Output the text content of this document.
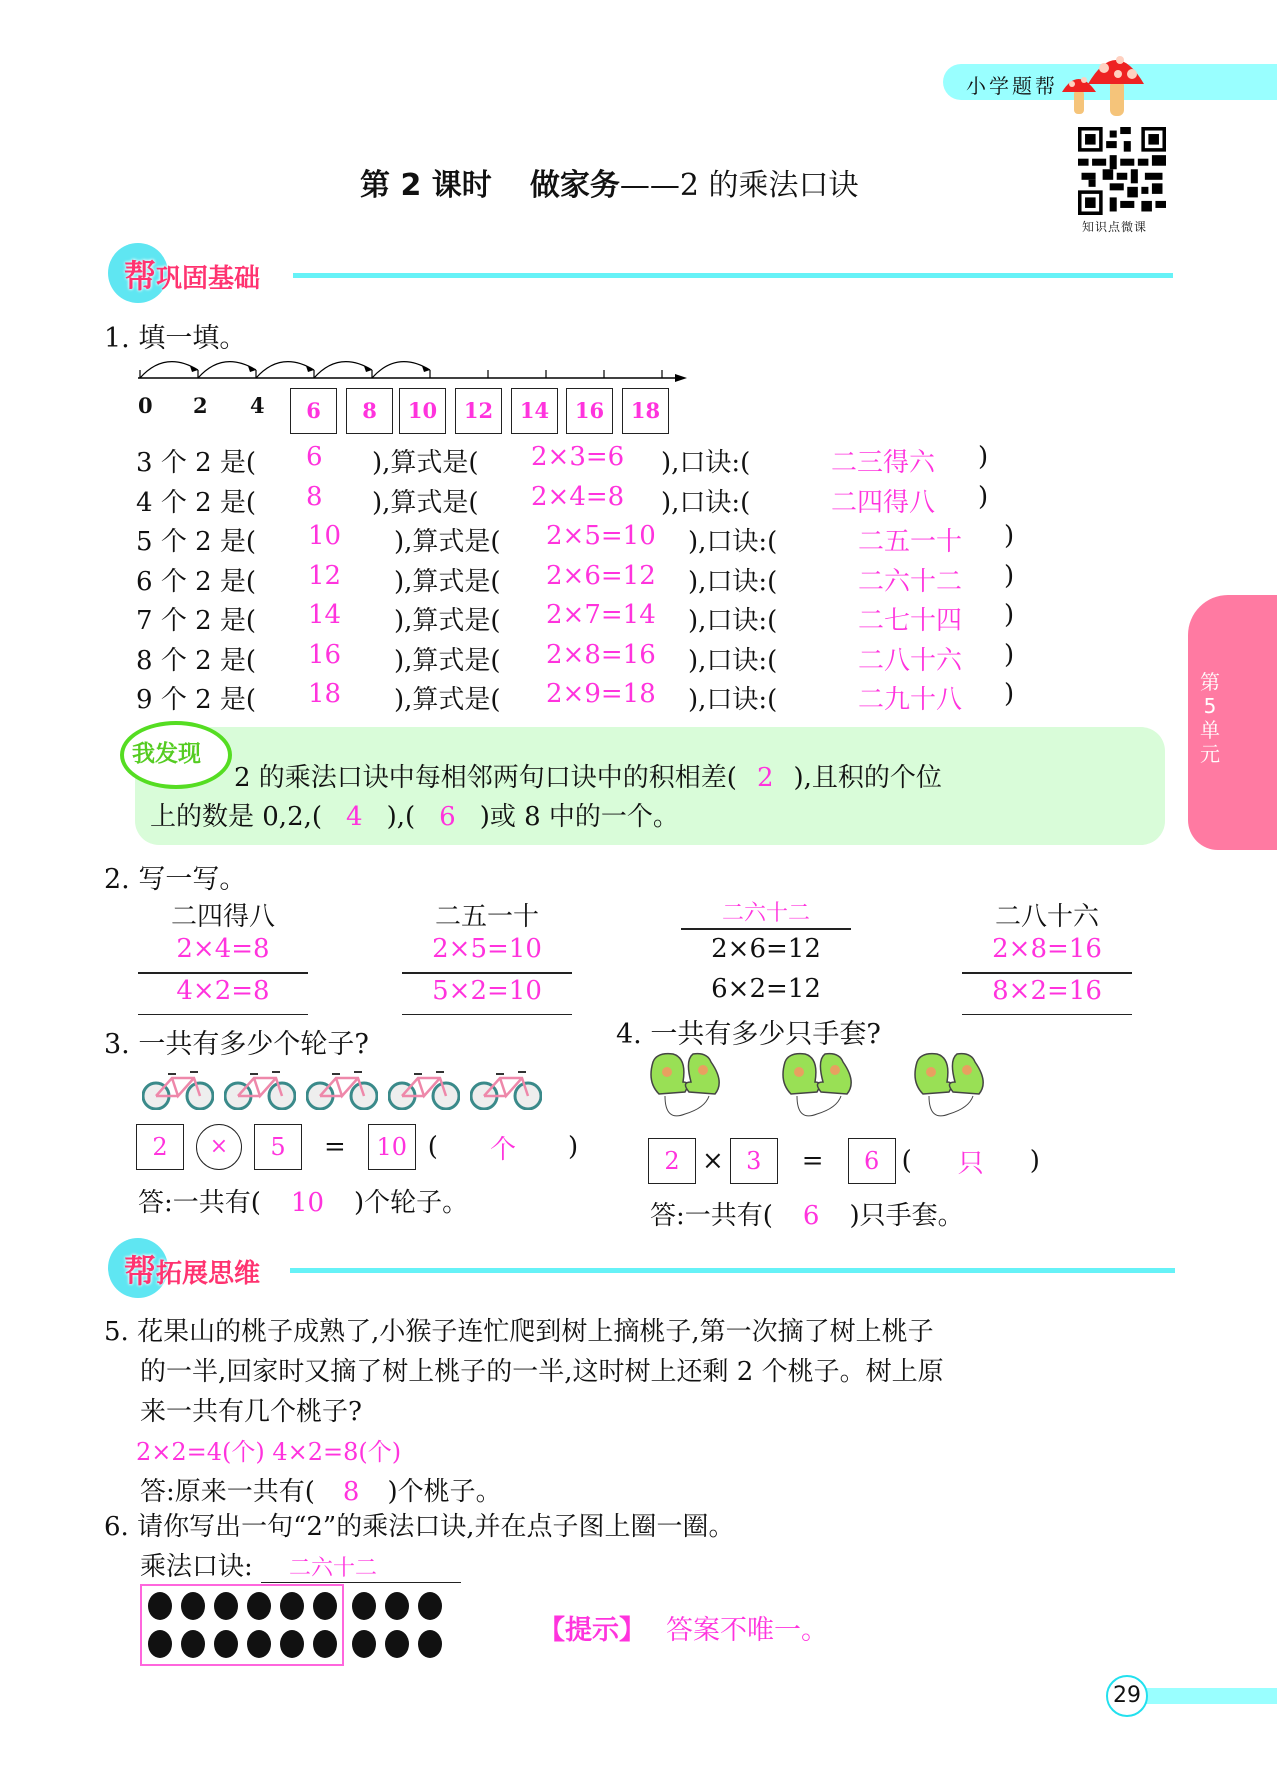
小学题帮
第 2 课时 做家务——2 的乘法口诀
知识点微课
帮巩固基础
第
5
单元
1. 填一填。
0 2 4	6	8	10	12	14	16	18
3 个 2 是( 6 ),算式是( 2×3=6 ),口诀:(	二三得六 )
4 个 2 是( 8 ),算式是( 2×4=8 ),口诀:(	二四得八 )
5 个 2 是( 10 ),算式是( 2×5=10 ),口诀:(	二五一十 )
6 个 2 是( 12 ),算式是( 2×6=12 ),口诀:(	二六十二 )
7 个 2 是( 14 ),算式是( 2×7=14 ),口诀:(	二七十四 )
8 个 2 是( 16 ),算式是( 2×8=16 ),口诀:(	二八十六 )
9 个 2 是( 18 ),算式是( 2×9=18 ),口诀:(	二九十八 )
我发现
2 的乘法口诀中每相邻两句口诀中的积相差( 2 ),且积的个位
上的数是 0,2,( 4 ),( 6 )或 8 中的一个。
2. 写一写。
二四得八
2×4=8
4×2=8
二五一十
2×5=10
5×2=10
二六十二
2×6=12
6×2=12
二八十六
2×8=16
8×2=16
3. 一共有多少个轮子?
2	×	5	=	10 (	个	)
答:一共有( 10 )个轮子。
4. 一共有多少只手套?
2 × 3	=	6 (	只	)
答:一共有( 6 )只手套。
帮拓展思维
5. 花果山的桃子成熟了,小猴子连忙爬到树上摘桃子,第一次摘了树上桃子
的一半,回家时又摘了树上桃子的一半,这时树上还剩 2 个桃子。树上原
来一共有几个桃子?
2×2=4(个) 4×2=8(个)
答:原来一共有( 8 )个桃子。
6. 请你写出一句“2”的乘法口诀,并在点子图上圈一圈。
乘法口诀: 二六十二
【提示】 答案不唯一。
29
